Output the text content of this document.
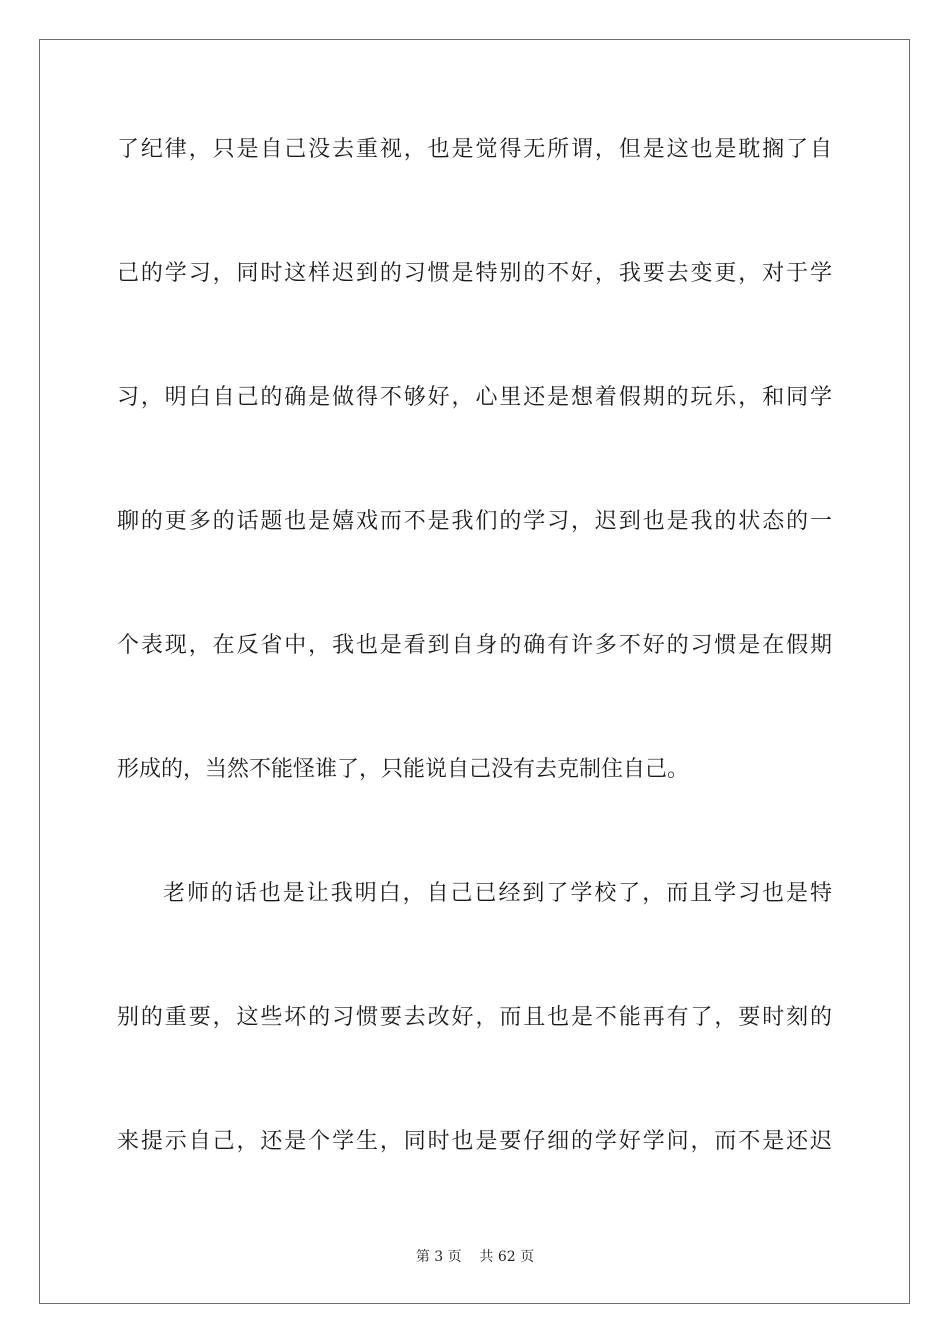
了纪律，只是自己没去重视，也是觉得无所谓，但是这也是耽搁了自
己的学习，同时这样迟到的习惯是特别的不好，我要去变更，对于学
习，明白自己的确是做得不够好，心里还是想着假期的玩乐，和同学
聊的更多的话题也是嬉戏而不是我们的学习，迟到也是我的状态的一
个表现，在反省中，我也是看到自身的确有许多不好的习惯是在假期
形成的，当然不能怪谁了，只能说自己没有去克制住自己。
老师的话也是让我明白，自己已经到了学校了，而且学习也是特
别的重要，这些坏的习惯要去改好，而且也是不能再有了，要时刻的
来提示自己，还是个学生，同时也是要仔细的学好学问，而不是还迟
第 3 页    共 62 页
